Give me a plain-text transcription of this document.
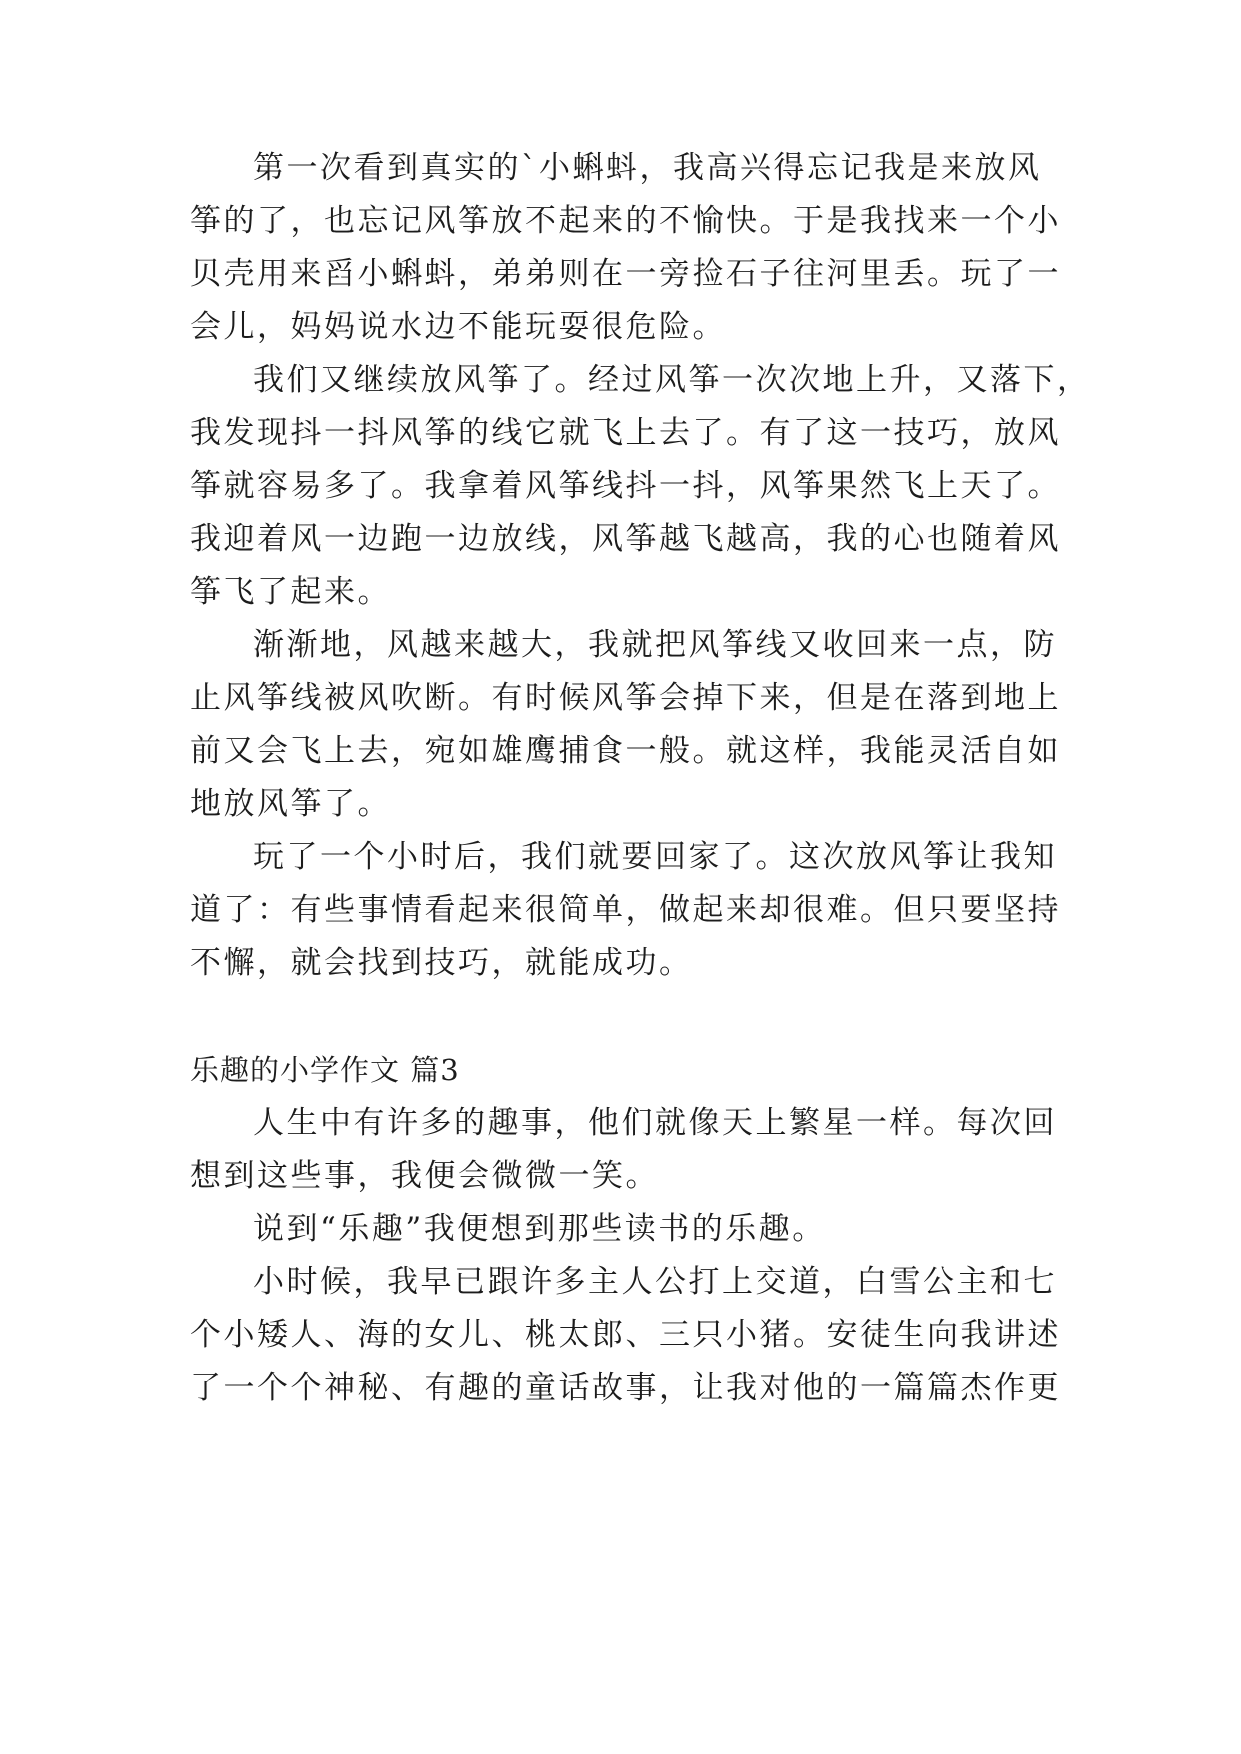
第一次看到真实的`小蝌蚪，我高兴得忘记我是来放风
筝的了，也忘记风筝放不起来的不愉快。于是我找来一个小
贝壳用来舀小蝌蚪，弟弟则在一旁捡石子往河里丢。玩了一
会儿，妈妈说水边不能玩耍很危险。
我们又继续放风筝了。经过风筝一次次地上升，又落下，
我发现抖一抖风筝的线它就飞上去了。有了这一技巧，放风
筝就容易多了。我拿着风筝线抖一抖，风筝果然飞上天了。
我迎着风一边跑一边放线，风筝越飞越高，我的心也随着风
筝飞了起来。
渐渐地，风越来越大，我就把风筝线又收回来一点，防
止风筝线被风吹断。有时候风筝会掉下来，但是在落到地上
前又会飞上去，宛如雄鹰捕食一般。就这样，我能灵活自如
地放风筝了。
玩了一个小时后，我们就要回家了。这次放风筝让我知
道了：有些事情看起来很简单，做起来却很难。但只要坚持
不懈，就会找到技巧，就能成功。
乐趣的小学作文 篇3
人生中有许多的趣事，他们就像天上繁星一样。每次回
想到这些事，我便会微微一笑。
说到“乐趣”我便想到那些读书的乐趣。
小时候，我早已跟许多主人公打上交道，白雪公主和七
个小矮人、海的女儿、桃太郎、三只小猪。安徒生向我讲述
了一个个神秘、有趣的童话故事，让我对他的一篇篇杰作更
